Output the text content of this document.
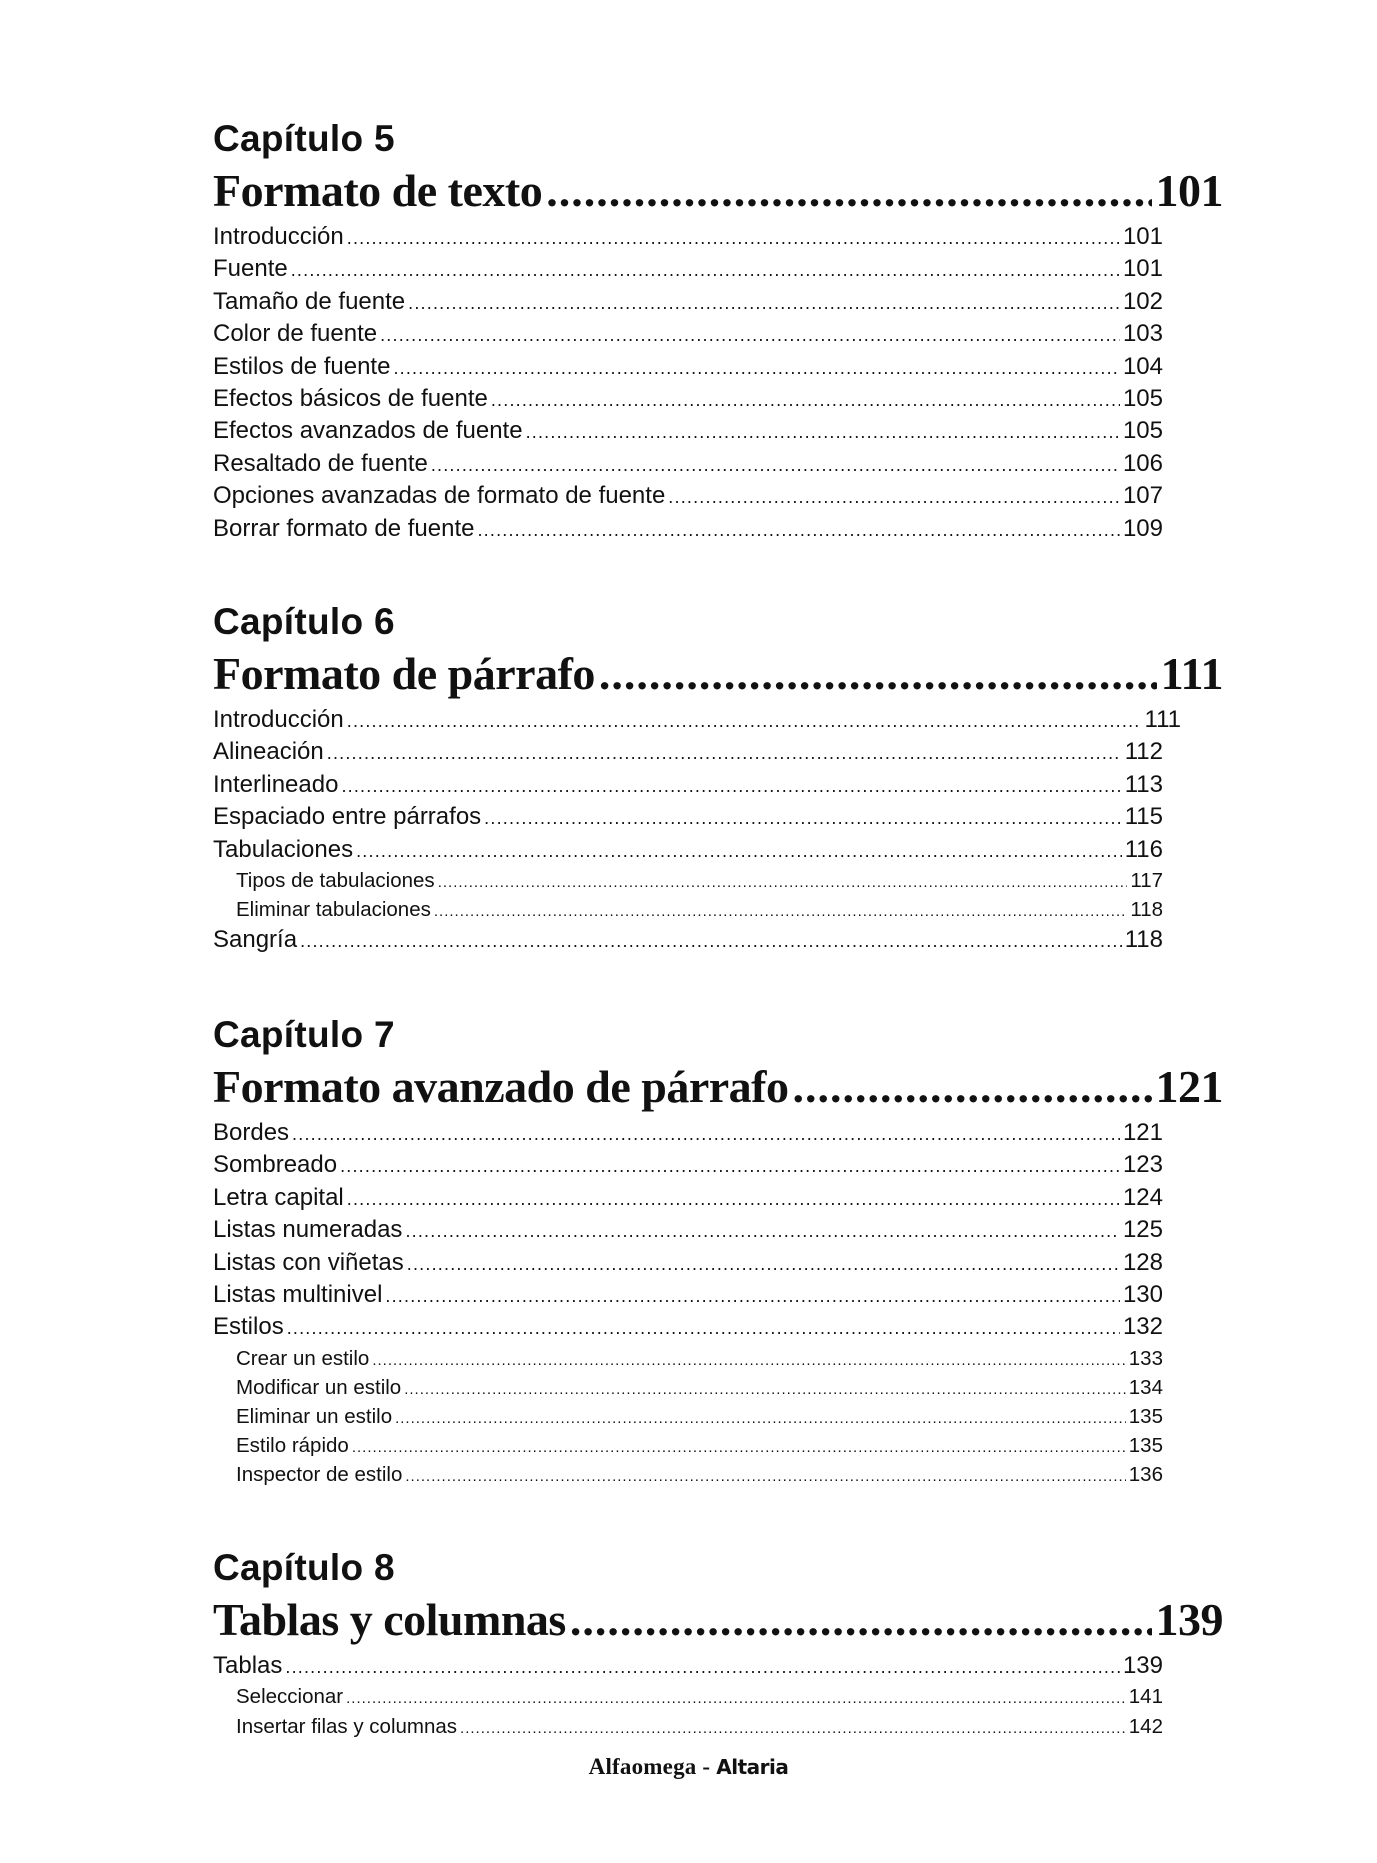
Capítulo 5
Formato de texto .....	101
Introducción .....	101
Fuente .....	101
Tamaño de fuente .....	102
Color de fuente .....	103
Estilos de fuente .....	104
Efectos básicos de fuente .....	105
Efectos avanzados de fuente .....	105
Resaltado de fuente .....	106
Opciones avanzadas de formato de fuente .....	107
Borrar formato de fuente .....	109
Capítulo 6
Formato de párrafo .....	111
Introducción .....	111
Alineación .....	112
Interlineado .....	113
Espaciado entre párrafos .....	115
Tabulaciones .....	116
Tipos de tabulaciones .....	117
Eliminar tabulaciones .....	118
Sangría .....	118
Capítulo 7
Formato avanzado de párrafo .....	121
Bordes .....	121
Sombreado .....	123
Letra capital .....	124
Listas numeradas .....	125
Listas con viñetas .....	128
Listas multinivel .....	130
Estilos .....	132
Crear un estilo .....	133
Modificar un estilo .....	134
Eliminar un estilo .....	135
Estilo rápido .....	135
Inspector de estilo .....	136
Capítulo 8
Tablas y columnas .....	139
Tablas .....	139
Seleccionar .....	141
Insertar filas y columnas .....	142
Alfaomega - Altaria
